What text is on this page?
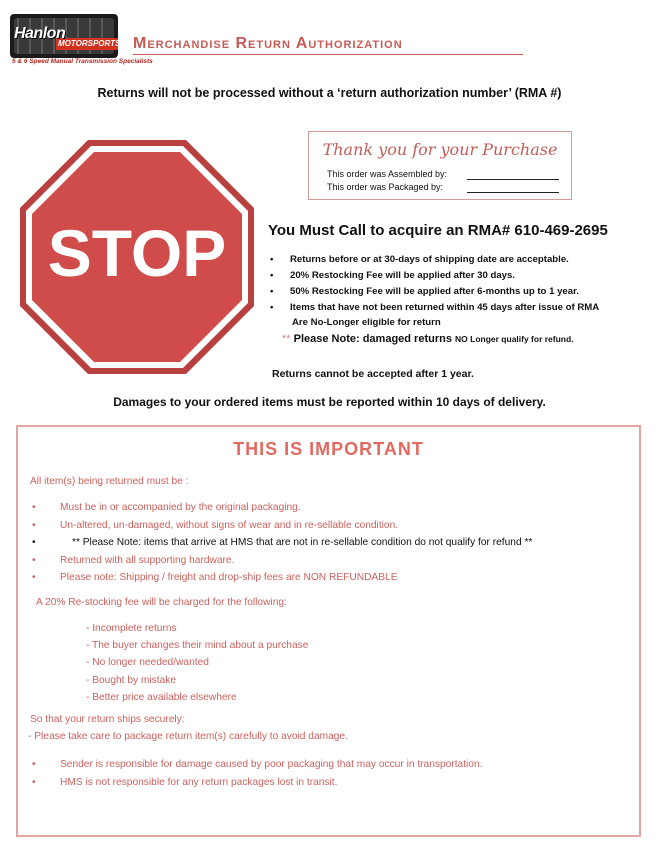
Hanlon
MOTORSPORTS
5 & 6 Speed Manual Transmission Specialists
Merchandise Return Authorization
Returns will not be processed without a ‘return authorization number’ (RMA #)
Thank you for your Purchase
This order was Assembled by:
This order was Packaged by:
STOP	You Must Call to acquire an RMA# 610-469-2695
• Returns before or at 30-days of shipping date are acceptable.
• 20% Restocking Fee will be applied after 30 days.
• 50% Restocking Fee will be applied after 6-months up to 1 year.
• Items that have not been returned within 45 days after issue of RMA
Are No-Longer eligible for return
** Please Note: damaged returns NO Longer qualify for refund.
Returns cannot be accepted after 1 year.
Damages to your ordered items must be reported within 10 days of delivery.
THIS IS IMPORTANT
All item(s) being returned must be :
• Must be in or accompanied by the original packaging.
• Un-altered, un-damaged, without signs of wear and in re-sellable condition.
•	** Please Note: items that arrive at HMS that are not in re-sellable condition do not qualify for refund **
• Returned with all supporting hardware.
• Please note: Shipping / freight and drop-ship fees are NON REFUNDABLE
A 20% Re-stocking fee will be charged for the following:
- Incomplete returns
- The buyer changes their mind about a purchase
- No longer needed/wanted
- Bought by mistake
- Better price available elsewhere
So that your return ships securely:
- Please take care to package return item(s) carefully to avoid damage.
• Sender is responsible for damage caused by poor packaging that may occur in transportation.
• HMS is not responsible for any return packages lost in transit.
